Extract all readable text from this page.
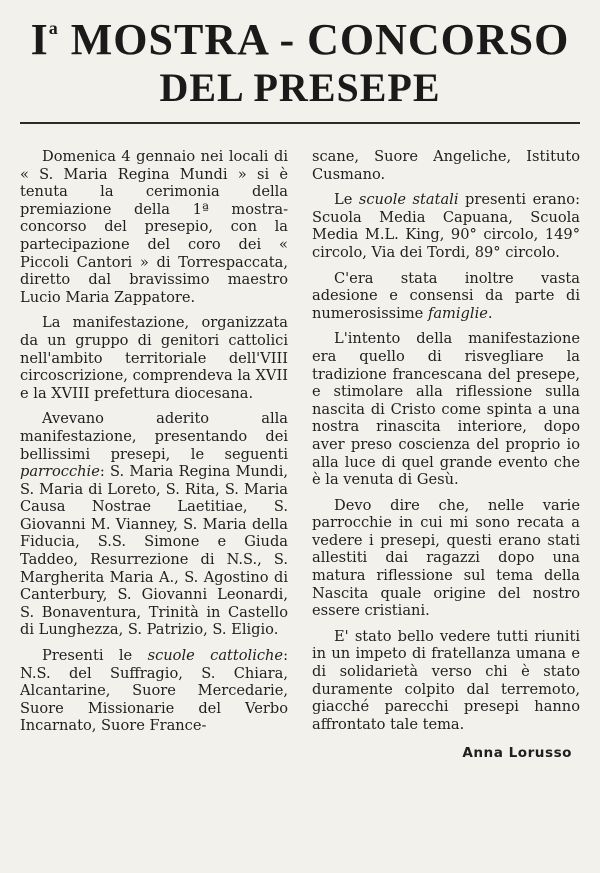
$I^a$ MOSTRA - CONCORSO
DEL PRESEPE

Domenica 4 gennaio nei locali di « S. Maria Regina Mundi » si è tenuta la cerimonia della premiazione della 1ª mostra-concorso del presepio, con la partecipazione del coro dei « Piccoli Cantori » di Torrespaccata, diretto dal bravissimo maestro Lucio Maria Zappatore.

La manifestazione, organizzata da un gruppo di genitori cattolici nell'ambito territoriale dell'VIII circoscrizione, comprendeva la XVII e la XVIII prefettura diocesana.

Avevano aderito alla manifestazione, presentando dei bellissimi presepi, le seguenti parrocchie: S. Maria Regina Mundi, S. Maria di Loreto, S. Rita, S. Maria Causa Nostrae Laetitiae, S. Giovanni M. Vianney, S. Maria della Fiducia, S.S. Simone e Giuda Taddeo, Resurrezione di N.S., S. Margherita Maria A., S. Agostino di Canterbury, S. Giovanni Leonardi, S. Bonaventura, Trinità in Castello di Lunghezza, S. Patrizio, S. Eligio.

Presenti le scuole cattoliche: N.S. del Suffragio, S. Chiara, Alcantarine, Suore Mercedarie, Suore Missionarie del Verbo Incarnato, Suore France-

scane, Suore Angeliche, Istituto Cusmano.

Le scuole statali presenti erano: Scuola Media Capuana, Scuola Media M.L. King, 90° circolo, 149° circolo, Via dei Tordi, 89° circolo.

C'era stata inoltre vasta adesione e consensi da parte di numerosissime famiglie.

L'intento della manifestazione era quello di risvegliare la tradizione francescana del presepe, e stimolare alla riflessione sulla nascita di Cristo come spinta a una nostra rinascita interiore, dopo aver preso coscienza del proprio io alla luce di quel grande evento che è la venuta di Gesù.

Devo dire che, nelle varie parrocchie in cui mi sono recata a vedere i presepi, questi erano stati allestiti dai ragazzi dopo una matura riflessione sul tema della Nascita quale origine del nostro essere cristiani.

E' stato bello vedere tutti riuniti in un impeto di fratellanza umana e di solidarietà verso chi è stato duramente colpito dal terremoto, giacché parecchi presepi hanno affrontato tale tema.

Anna Lorusso
